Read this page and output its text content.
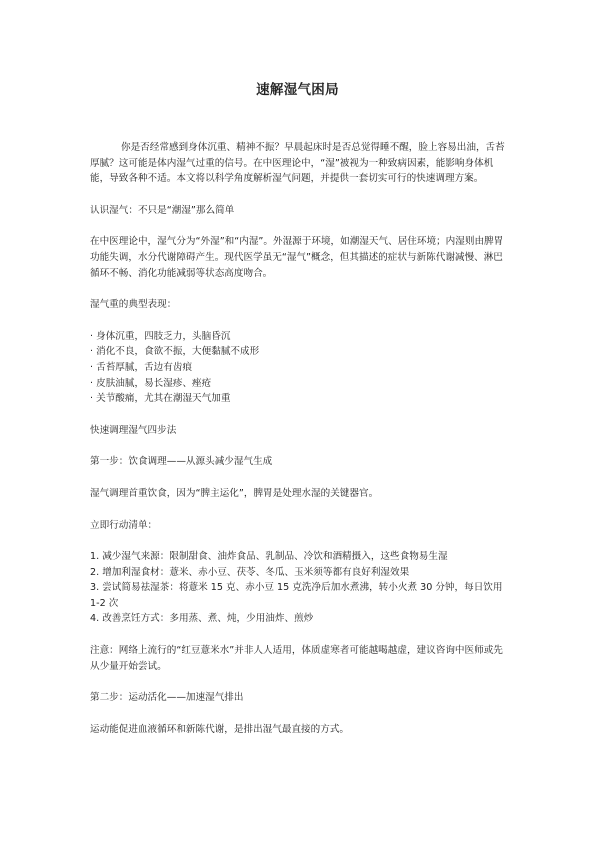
速解湿气困局

你是否经常感到身体沉重、精神不振？早晨起床时是否总觉得睡不醒，脸上容易出油，舌苔厚腻？这可能是体内湿气过重的信号。在中医理论中，“湿”被视为一种致病因素，能影响身体机能，导致各种不适。本文将以科学角度解析湿气问题，并提供一套切实可行的快速调理方案。

认识湿气：不只是“潮湿”那么简单

在中医理论中，湿气分为“外湿”和“内湿”。外湿源于环境，如潮湿天气、居住环境；内湿则由脾胃功能失调，水分代谢障碍产生。现代医学虽无“湿气”概念，但其描述的症状与新陈代谢减慢、淋巴循环不畅、消化功能减弱等状态高度吻合。

湿气重的典型表现：

· 身体沉重，四肢乏力，头脑昏沉
· 消化不良，食欲不振，大便黏腻不成形
· 舌苔厚腻，舌边有齿痕
· 皮肤油腻，易长湿疹、痤疮
· 关节酸痛，尤其在潮湿天气加重

快速调理湿气四步法

第一步：饮食调理——从源头减少湿气生成

湿气调理首重饮食，因为“脾主运化”，脾胃是处理水湿的关键器官。

立即行动清单：

1. 减少湿气来源：限制甜食、油炸食品、乳制品、冷饮和酒精摄入，这些食物易生湿
2. 增加利湿食材：薏米、赤小豆、茯苓、冬瓜、玉米须等都有良好利湿效果
3. 尝试简易祛湿茶：将薏米 15 克、赤小豆 15 克洗净后加水煮沸，转小火煮 30 分钟，每日饮用 1-2 次
4. 改善烹饪方式：多用蒸、煮、炖，少用油炸、煎炒

注意：网络上流行的“红豆薏米水”并非人人适用，体质虚寒者可能越喝越虚，建议咨询中医师或先从少量开始尝试。

第二步：运动活化——加速湿气排出

运动能促进血液循环和新陈代谢，是排出湿气最直接的方式。
